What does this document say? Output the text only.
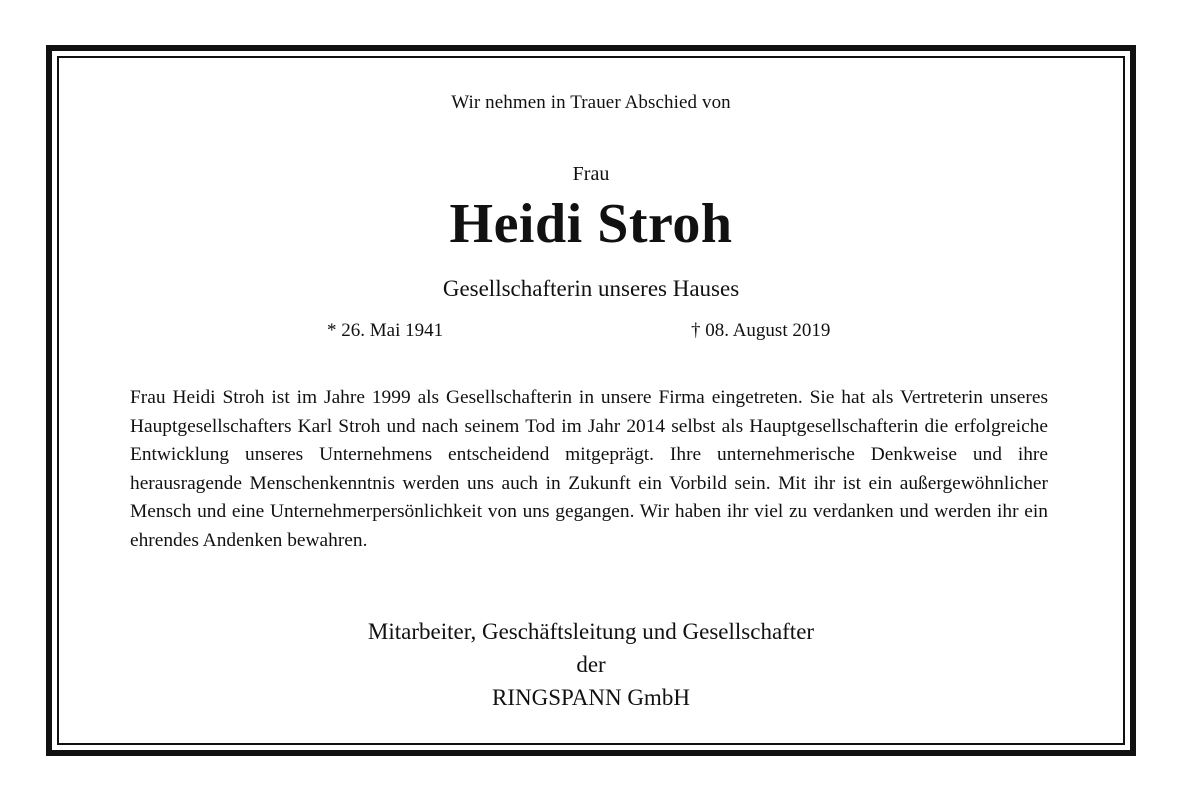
Wir nehmen in Trauer Abschied von
Frau
Heidi Stroh
Gesellschafterin unseres Hauses
* 26. Mai 1941	† 08. August 2019

Frau Heidi Stroh ist im Jahre 1999 als Gesellschafterin in unsere Firma eingetreten. Sie hat als Vertreterin unseres Hauptgesellschafters Karl Stroh und nach seinem Tod im Jahr 2014 selbst als Hauptgesellschafterin die erfolgreiche Entwicklung unseres Unternehmens entscheidend mitgeprägt. Ihre unternehmerische Denkweise und ihre herausragende Menschenkenntnis werden uns auch in Zukunft ein Vorbild sein. Mit ihr ist ein außergewöhnlicher Mensch und eine Unternehmerpersönlichkeit von uns gegangen. Wir haben ihr viel zu verdanken und werden ihr ein ehrendes Andenken bewahren.

Mitarbeiter, Geschäftsleitung und Gesellschafter
der
RINGSPANN GmbH
